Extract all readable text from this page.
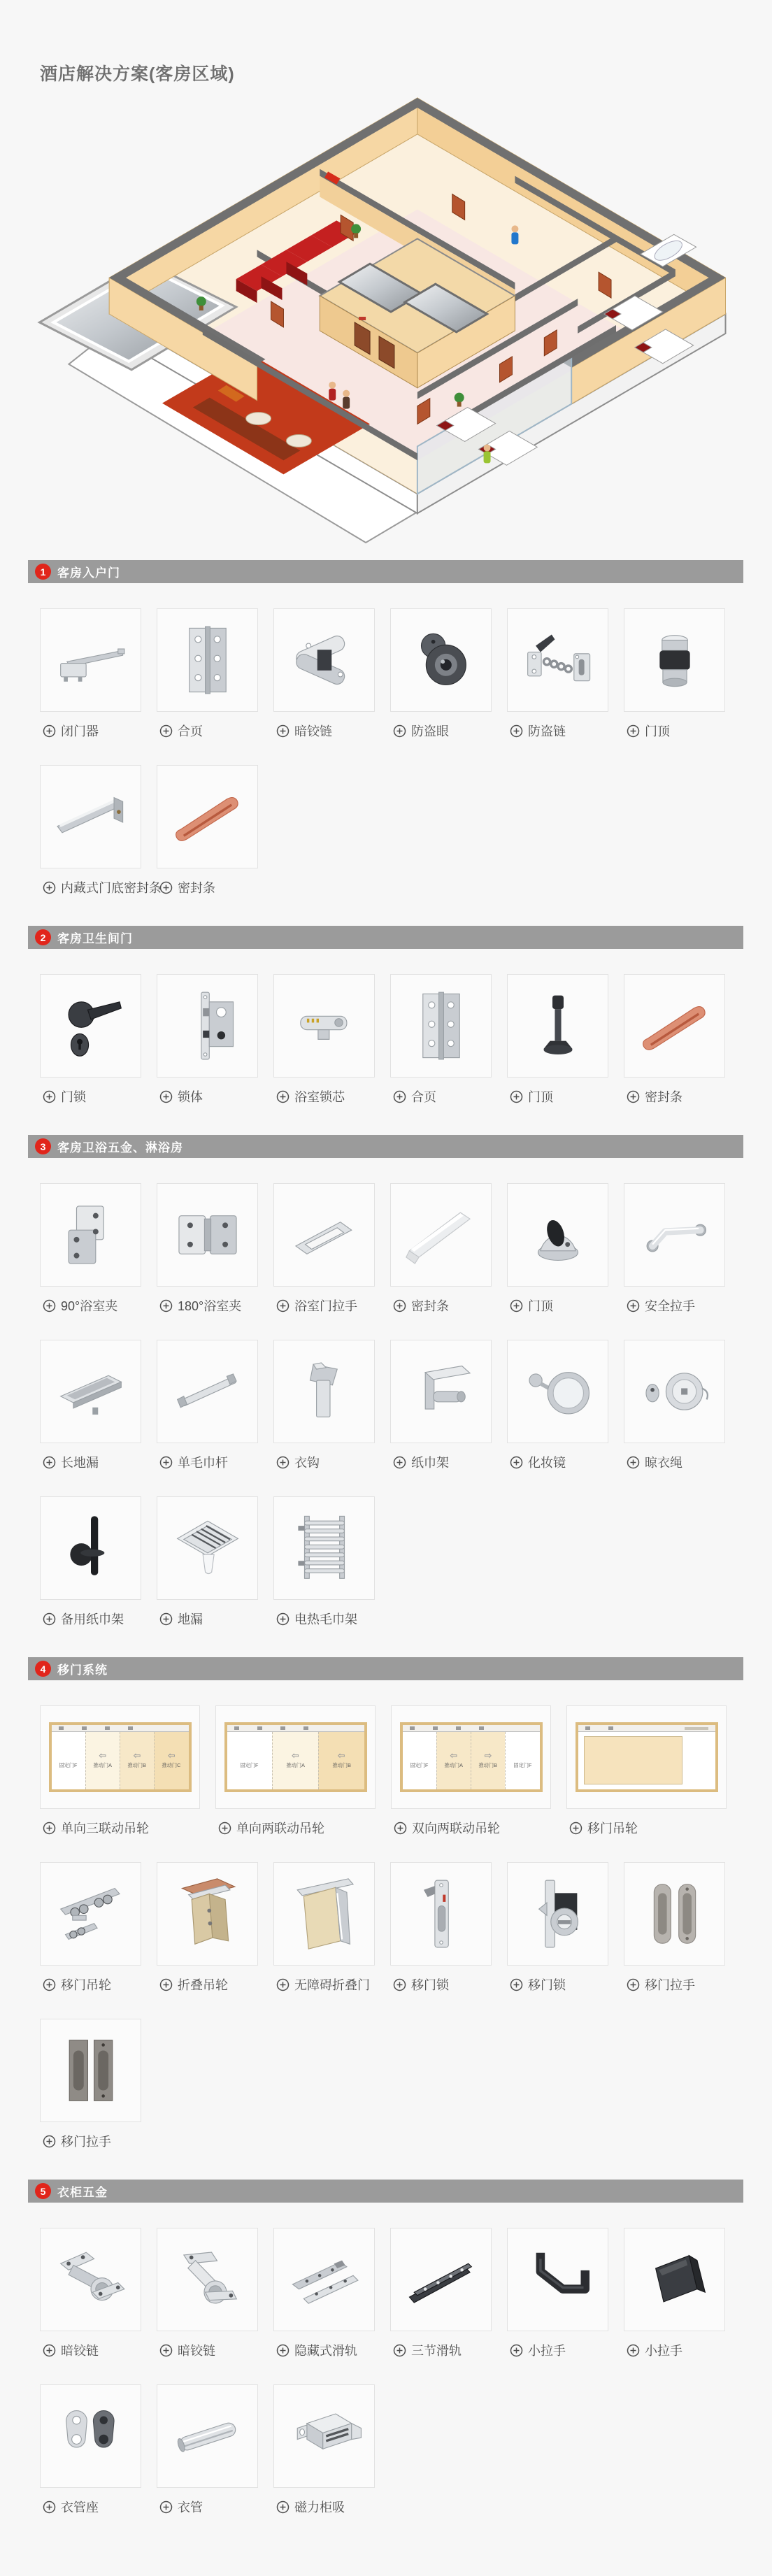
酒店解决方案(客房区域)
1 客房入户门
闭门器	合页	暗铰链	防盗眼	防盗链	门顶
内藏式门底密封条 密封条
2 客房卫生间门
门锁	锁体	浴室锁芯	合页	门顶	密封条
3 客房卫浴五金、淋浴房
90°浴室夹	180°浴室夹	浴室门拉手	密封条	门顶	安全拉手
长地漏	单毛巾杆	衣钩	纸巾架	化妆镜	晾衣绳
备用纸巾架	地漏	电热毛巾架
4 移门系统

固定门F
⇦
推动门A
⇦
推动门B
⇦
推动门C
单向三联动吊轮

固定门F
⇦
推动门A
⇦
推动门B
单向两联动吊轮

固定门F
⇦
推动门A
⇨
推动门B
	固定门F
双向两联动吊轮	移门吊轮
移门吊轮	折叠吊轮	无障碍折叠门	移门锁	移门锁	移门拉手
移门拉手
5 衣柜五金
暗铰链	暗铰链	隐藏式滑轨	三节滑轨	小拉手	小拉手
衣管座	衣管	磁力柜吸
